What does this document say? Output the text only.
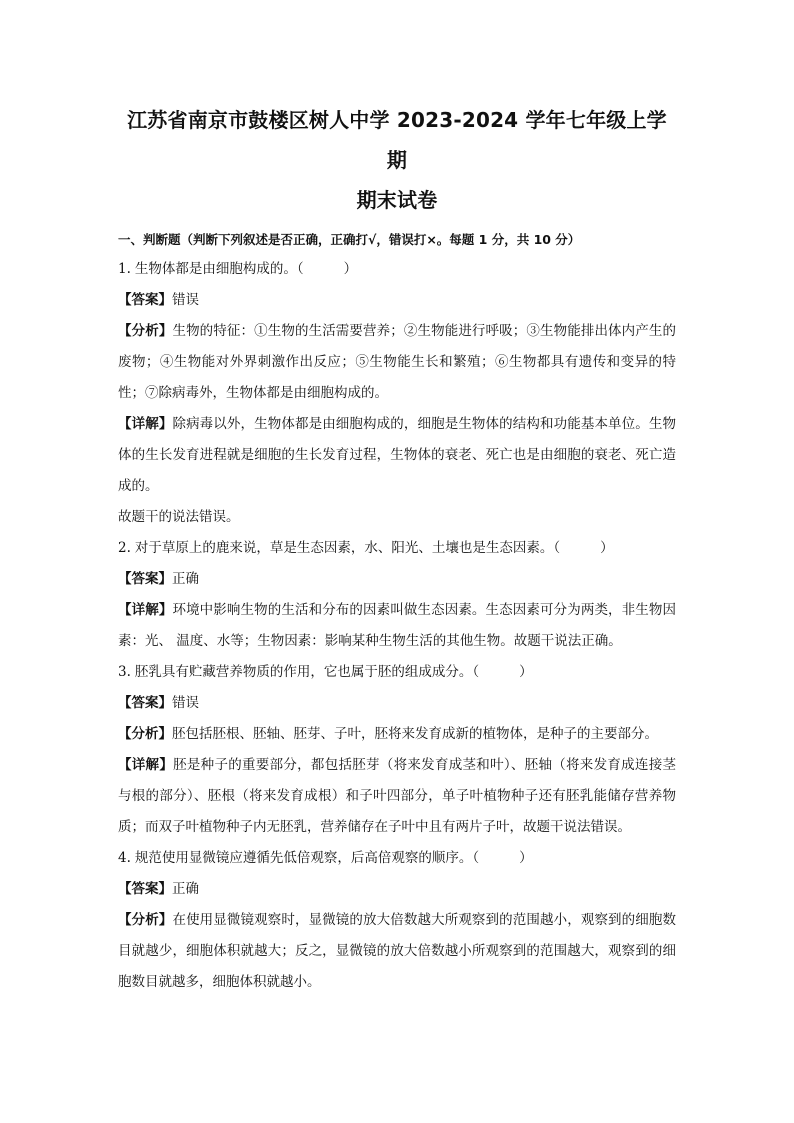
江苏省南京市鼓楼区树人中学 2023-2024 学年七年级上学期
期末试卷

一、判断题（判断下列叙述是否正确，正确打√，错误打×。每题 1 分，共 10 分）

1. 生物体都是由细胞构成的。（	）

【答案】错误

【分析】生物的特征：①生物的生活需要营养；②生物能进行呼吸；③生物能排出体内产生的废物；④生物能对外界刺激作出反应；⑤生物能生长和繁殖；⑥生物都具有遗传和变异的特性；⑦除病毒外，生物体都是由细胞构成的。

【详解】除病毒以外，生物体都是由细胞构成的，细胞是生物体的结构和功能基本单位。生物体的生长发育进程就是细胞的生长发育过程，生物体的衰老、死亡也是由细胞的衰老、死亡造成的。

故题干的说法错误。

2. 对于草原上的鹿来说，草是生态因素，水、阳光、土壤也是生态因素。（	）

【答案】正确

【详解】环境中影响生物的生活和分布的因素叫做生态因素。生态因素可分为两类，非生物因素：光、 温度、水等；生物因素：影响某种生物生活的其他生物。故题干说法正确。

3. 胚乳具有贮藏营养物质的作用，它也属于胚的组成成分。（	）

【答案】错误

【分析】胚包括胚根、胚轴、胚芽、子叶，胚将来发育成新的植物体，是种子的主要部分。

【详解】胚是种子的重要部分，都包括胚芽（将来发育成茎和叶）、胚轴（将来发育成连接茎与根的部分）、胚根（将来发育成根）和子叶四部分，单子叶植物种子还有胚乳能储存营养物质；而双子叶植物种子内无胚乳，营养储存在子叶中且有两片子叶，故题干说法错误。

4. 规范使用显微镜应遵循先低倍观察，后高倍观察的顺序。（	）

【答案】正确

【分析】在使用显微镜观察时，显微镜的放大倍数越大所观察到的范围越小，观察到的细胞数目就越少，细胞体积就越大；反之，显微镜的放大倍数越小所观察到的范围越大，观察到的细胞数目就越多，细胞体积就越小。
